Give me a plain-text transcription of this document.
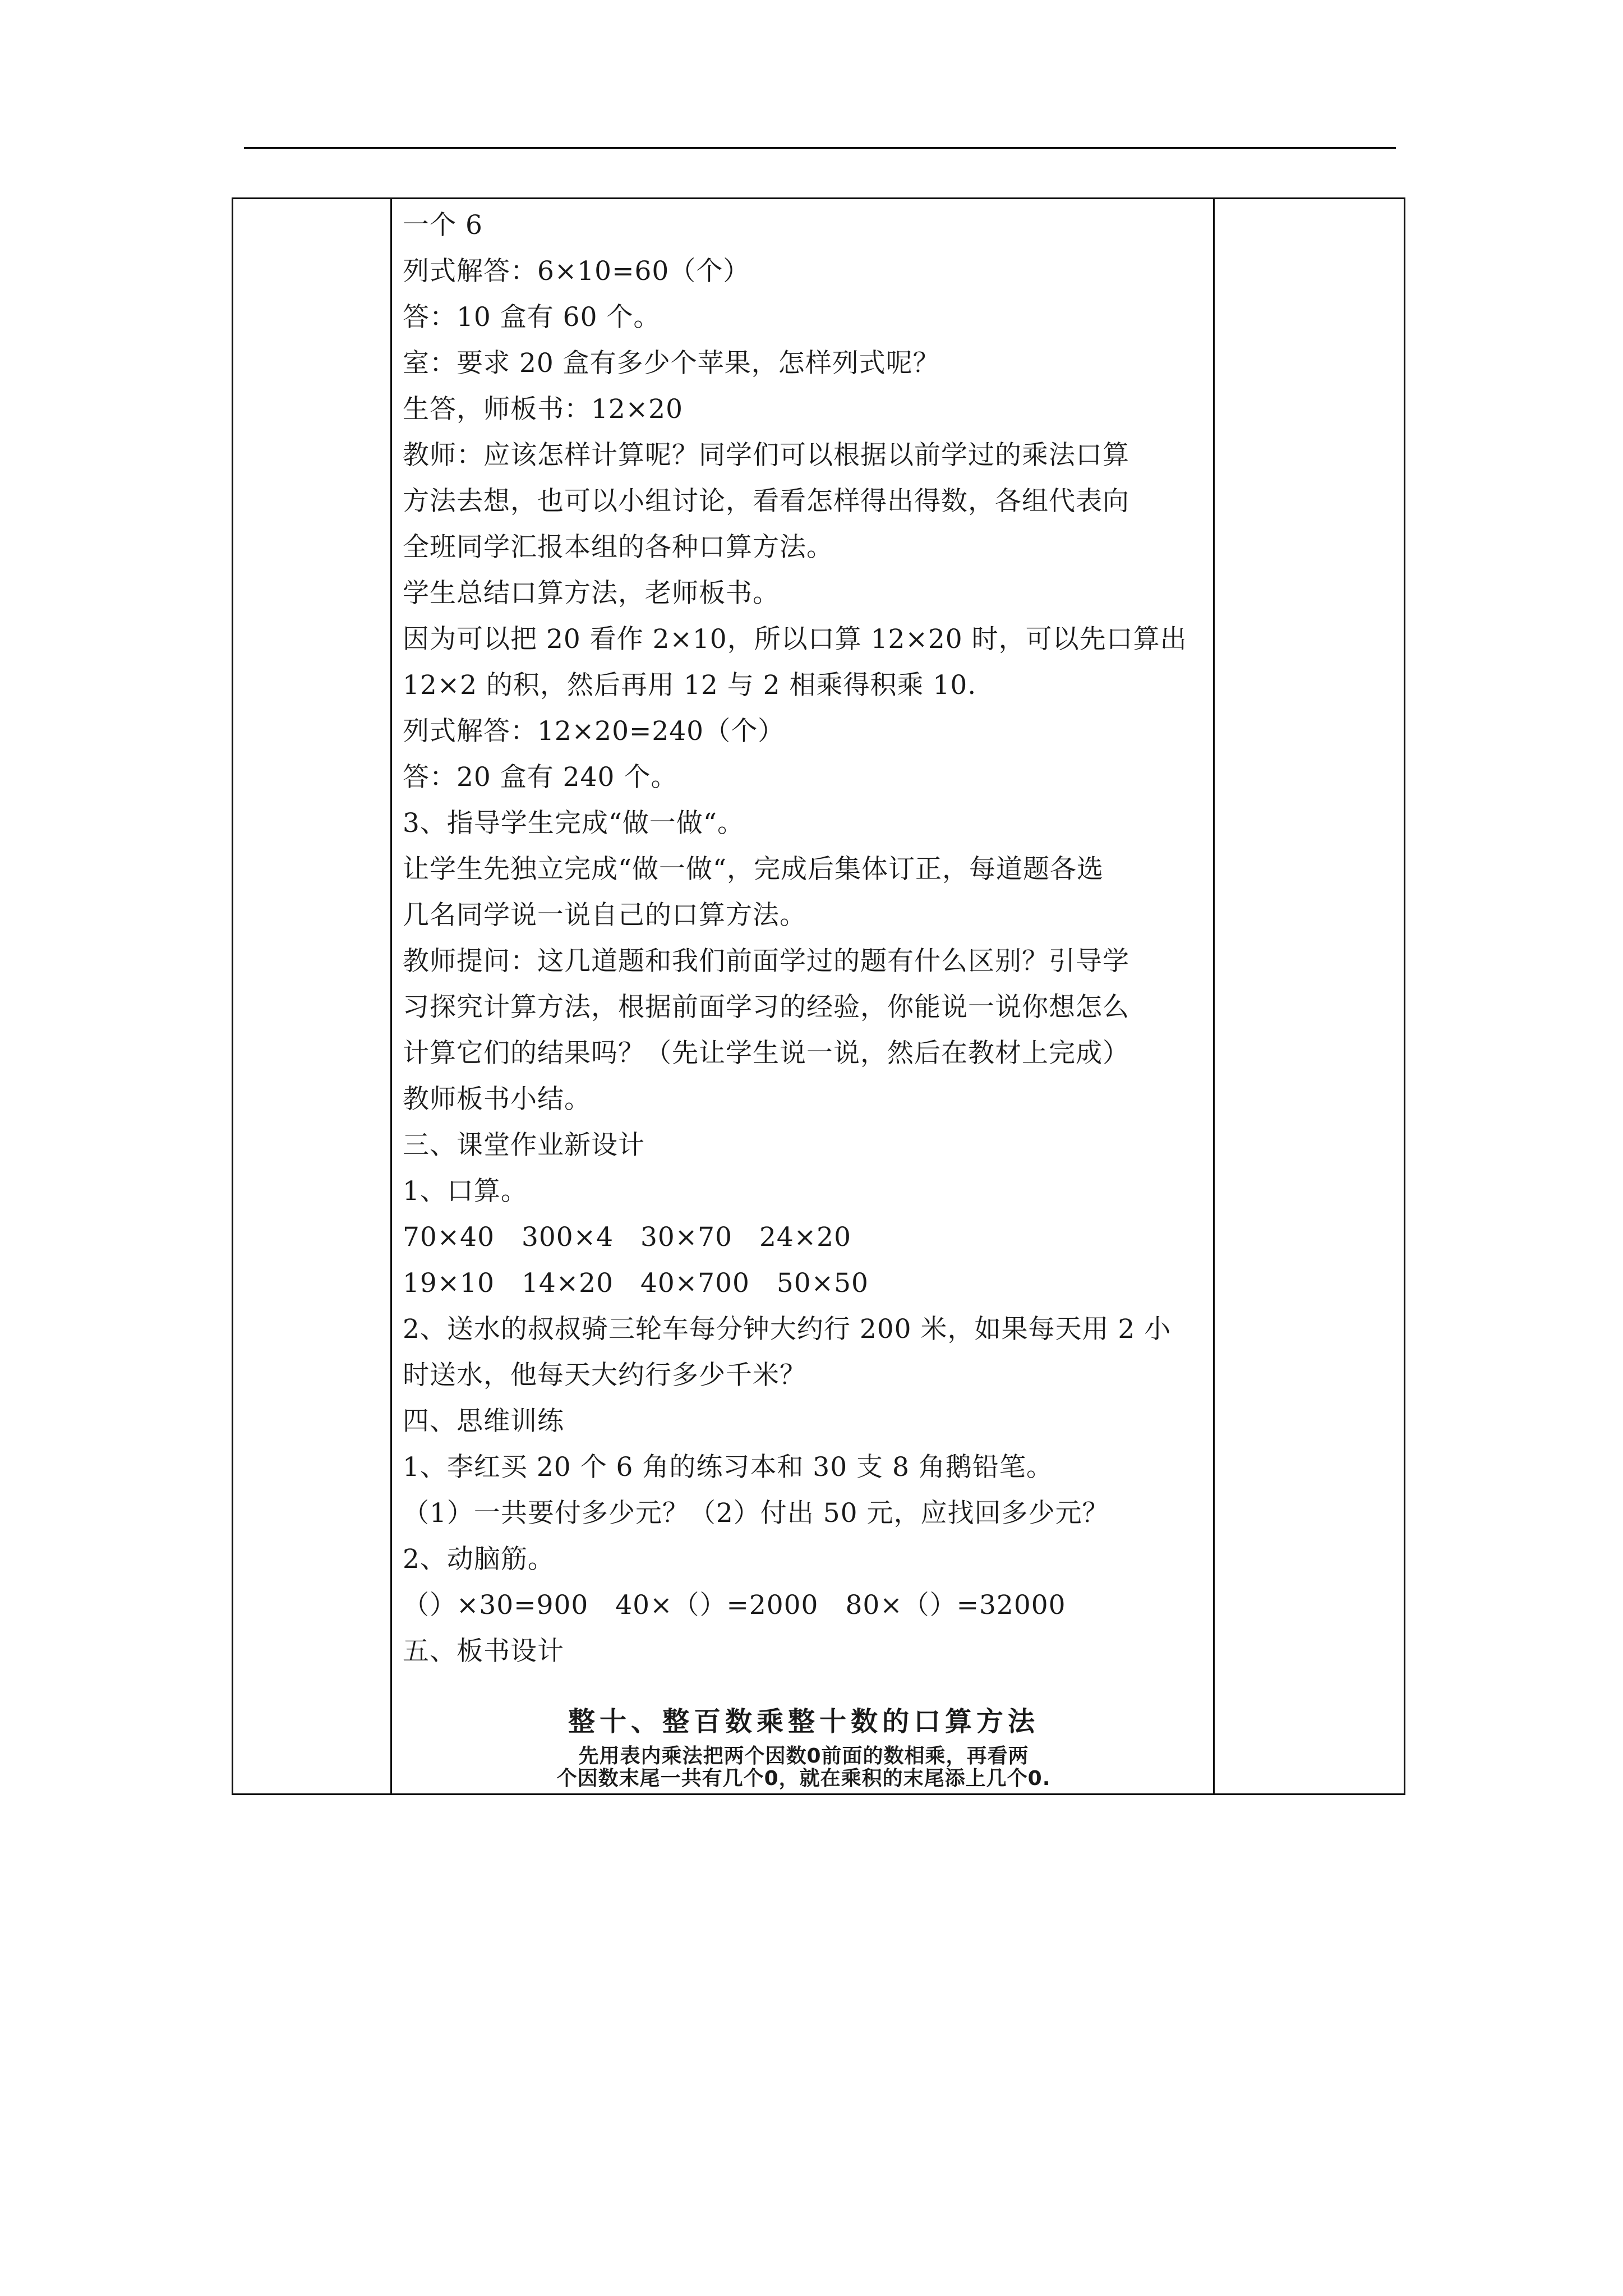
一个 6
列式解答：6×10=60（个）
答：10 盒有 60 个。
室：要求 20 盒有多少个苹果，怎样列式呢？
生答，师板书：12×20
教师：应该怎样计算呢？同学们可以根据以前学过的乘法口算
方法去想，也可以小组讨论，看看怎样得出得数，各组代表向
全班同学汇报本组的各种口算方法。
学生总结口算方法，老师板书。
因为可以把 20 看作 2×10，所以口算 12×20 时，可以先口算出
12×2 的积，然后再用 12 与 2 相乘得积乘 10.
列式解答：12×20=240（个）
答：20 盒有 240 个。
3、指导学生完成“做一做“。
让学生先独立完成“做一做“，完成后集体订正，每道题各选
几名同学说一说自己的口算方法。
教师提问：这几道题和我们前面学过的题有什么区别？引导学
习探究计算方法，根据前面学习的经验，你能说一说你想怎么
计算它们的结果吗？（先让学生说一说，然后在教材上完成）
教师板书小结。
三、课堂作业新设计
1、口算。
70×40　300×4　30×70　24×20
19×10　14×20　40×700　50×50
2、送水的叔叔骑三轮车每分钟大约行 200 米，如果每天用 2 小
时送水，他每天大约行多少千米？
四、思维训练
1、李红买 20 个 6 角的练习本和 30 支 8 角鹅铅笔。
（1）一共要付多少元？（2）付出 50 元，应找回多少元？
2、动脑筋。
（）×30=900　40×（）=2000　80×（）=32000
五、板书设计
整十、整百数乘整十数的口算方法
先用表内乘法把两个因数0前面的数相乘，再看两
个因数末尾一共有几个0，就在乘积的末尾添上几个0.
